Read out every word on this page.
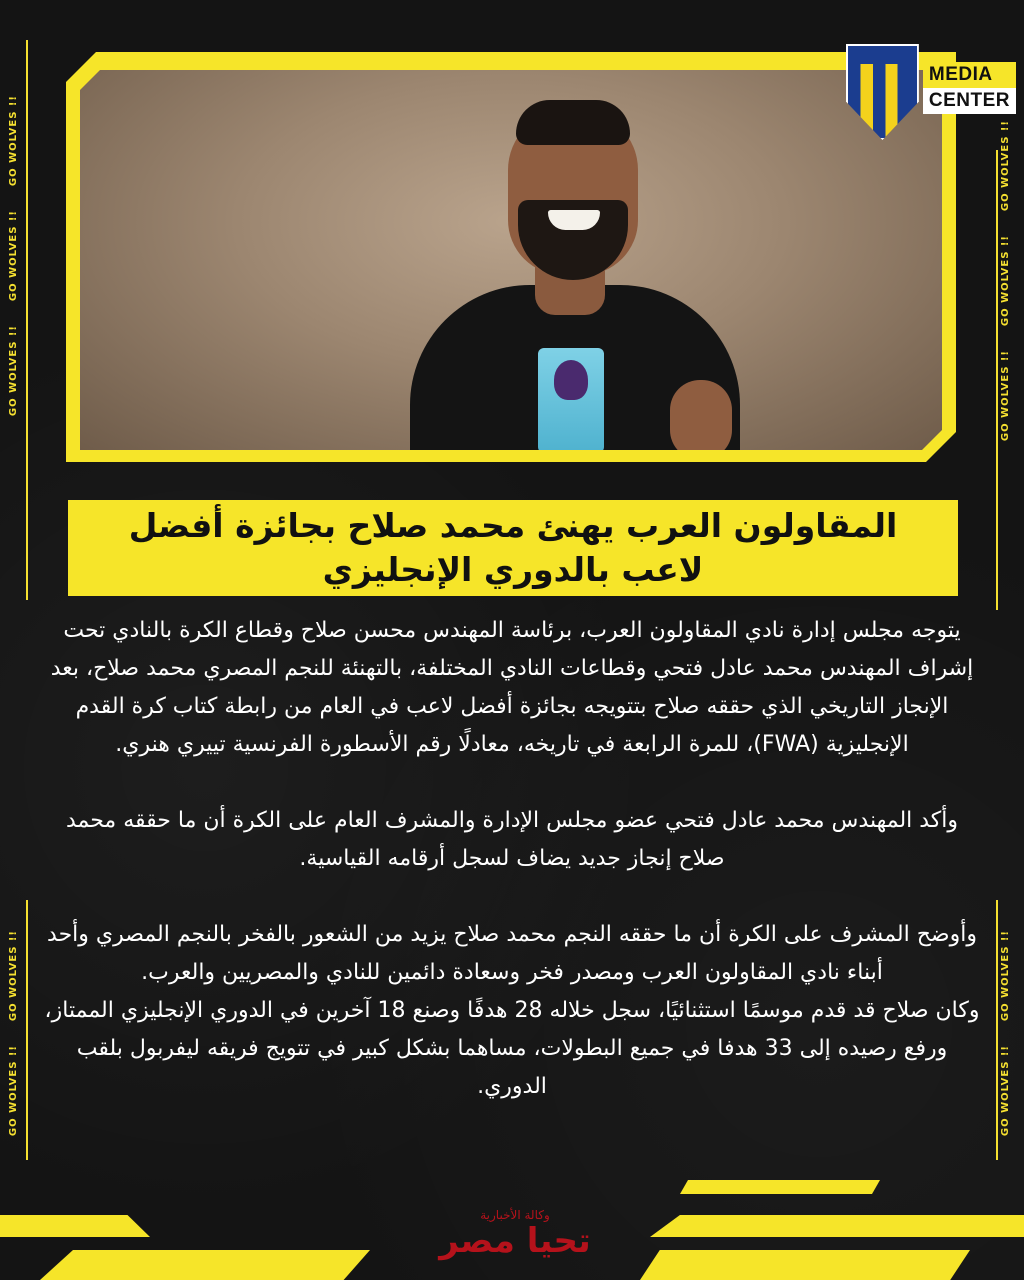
GO WOLVES !!
GO WOLVES !!
GO WOLVES !!
GO WOLVES !!
GO WOLVES !!
GO WOLVES !!
GO WOLVES !!
GO WOLVES !!
GO WOLVES !!
GO WOLVES !!
MEDIA
CENTER
المقاولون العرب يهنئ محمد صلاح بجائزة أفضل لاعب بالدوري الإنجليزي

يتوجه مجلس إدارة نادي المقاولون العرب، برئاسة المهندس محسن صلاح وقطاع الكرة بالنادي تحت إشراف المهندس محمد عادل فتحي وقطاعات النادي المختلفة، بالتهنئة للنجم المصري محمد صلاح، بعد الإنجاز التاريخي الذي حققه صلاح بتتويجه بجائزة أفضل لاعب في العام من رابطة كتاب كرة القدم الإنجليزية (FWA)، للمرة الرابعة في تاريخه، معادلًا رقم الأسطورة الفرنسية تييري هنري.

وأكد المهندس محمد عادل فتحي عضو مجلس الإدارة والمشرف العام على الكرة أن ما حققه محمد صلاح إنجاز جديد يضاف لسجل أرقامه القياسية.

وأوضح المشرف على الكرة أن ما حققه النجم محمد صلاح يزيد من الشعور بالفخر بالنجم المصري وأحد أبناء نادي المقاولون العرب ومصدر فخر وسعادة دائمين للنادي والمصريين والعرب.

وكان صلاح قد قدم موسمًا استثنائيًا، سجل خلاله 28 هدفًا وصنع 18 آخرين في الدوري الإنجليزي الممتاز، ورفع رصيده إلى 33 هدفا في جميع البطولات، مساهما بشكل كبير في تتويج فريقه ليفربول بلقب الدوري.

وكالة الأخبارية
تحيا مصر
